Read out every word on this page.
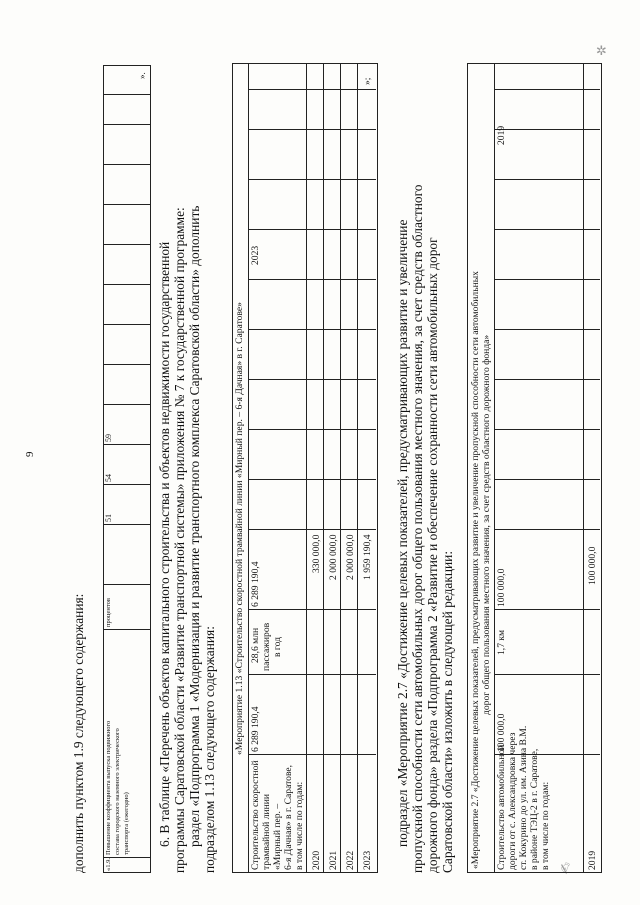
✲
✍
9
дополнить пунктом 1.9 следующего содержания:	«1.9.
Повышение коэффициента выпуска подвижного состава городского наземного электрического транспорта (ежегодно)
процентов
51
54
59
».
6. В таблице «Перечень объектов капитального строительства и объектов недвижимости государственной программы Саратовской области «Развитие транспортной системы» приложения № 7 к государственной программе: раздел «Подпрограмма 1 «Модернизация и развитие транспортного комплекса Саратовской области» дополнить подразделом 1.13 следующего содержания: «Мероприятие 1.13 «Строительство скоростной трамвайной линии «Мирный пер. – 6-я Дачная» в г. Саратове»
Строительство скоростной трамвайной линии «Мирный пер. – 6-я Дачная» в г. Саратове, в том числе по годам:
6 289 190,4
28,6 млн пассажиров в год
6 289 190,4
2023
2020
330 000,0
2021
2 000 000,0
2022
2 000 000,0
2023
1 959 190,4
»;
подраздел «Мероприятие 2.7 «Достижение целевых показателей, предусматривающих развитие и увеличение пропускной способности сети автомобильных дорог общего пользования местного значения, за счет средств областного дорожного фонда» раздела «Подпрограмма 2 «Развитие и обеспечение сохранности сети автомобильных дорог Саратовской области» изложить в следующей редакции: «Мероприятие 2.7 «Достижение целевых показателей, предусматривающих развитие и увеличение пропускной способности сети автомобильных дорог общего пользования местного значения, за счет средств областного дорожного фонда»
Строительство автомобильной дороги от с. Александровка через ст. Кокурино до ул. им. Азина В.М. в районе ТЭЦ-2 в г. Саратове, в том числе по годам:
100 000,0
1,7 км
100 000,0
2019
2019
100 000,0
